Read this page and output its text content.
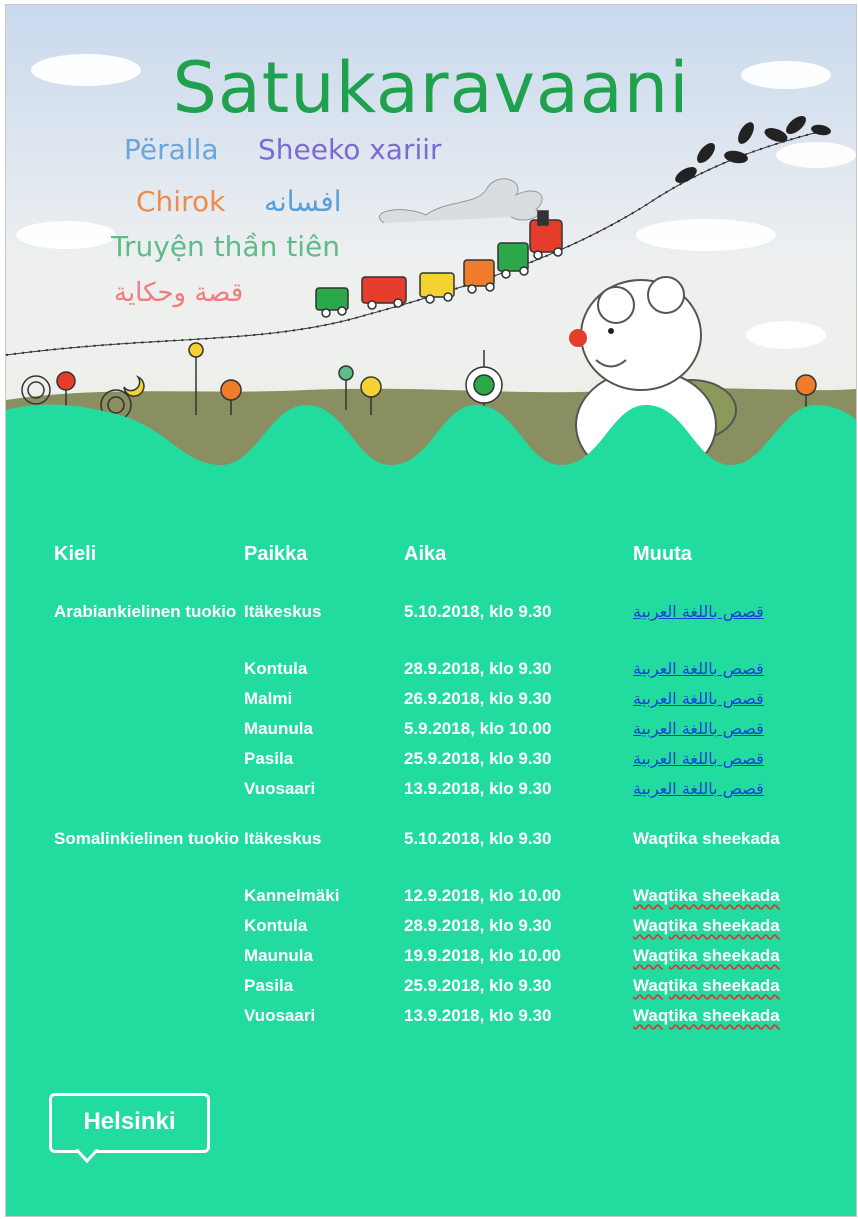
Satukaravaani
Përalla Sheeko xariir
Chirok افسانه
Truyện thần tiên
قصة وحكاية
Kieli	Paikka	Aika	Muuta
Arabiankielinen tuokio	Itäkeskus	5.10.2018, klo 9.30	قصص باللغة العربية
	Kontula	28.9.2018, klo 9.30	قصص باللغة العربية
	Malmi	26.9.2018, klo 9.30	قصص باللغة العربية
	Maunula	5.9.2018, klo 10.00	قصص باللغة العربية
	Pasila	25.9.2018, klo 9.30	قصص باللغة العربية
	Vuosaari	13.9.2018, klo 9.30	قصص باللغة العربية

Somalinkielinen tuokio	Itäkeskus	5.10.2018, klo 9.30	Waqtika sheekada
	Kannelmäki	12.9.2018, klo 10.00	Waqtika sheekada
	Kontula	28.9.2018, klo 9.30	Waqtika sheekada
	Maunula	19.9.2018, klo 10.00	Waqtika sheekada
	Pasila	25.9.2018, klo 9.30	Waqtika sheekada
	Vuosaari	13.9.2018, klo 9.30	Waqtika sheekada
Helsinki
